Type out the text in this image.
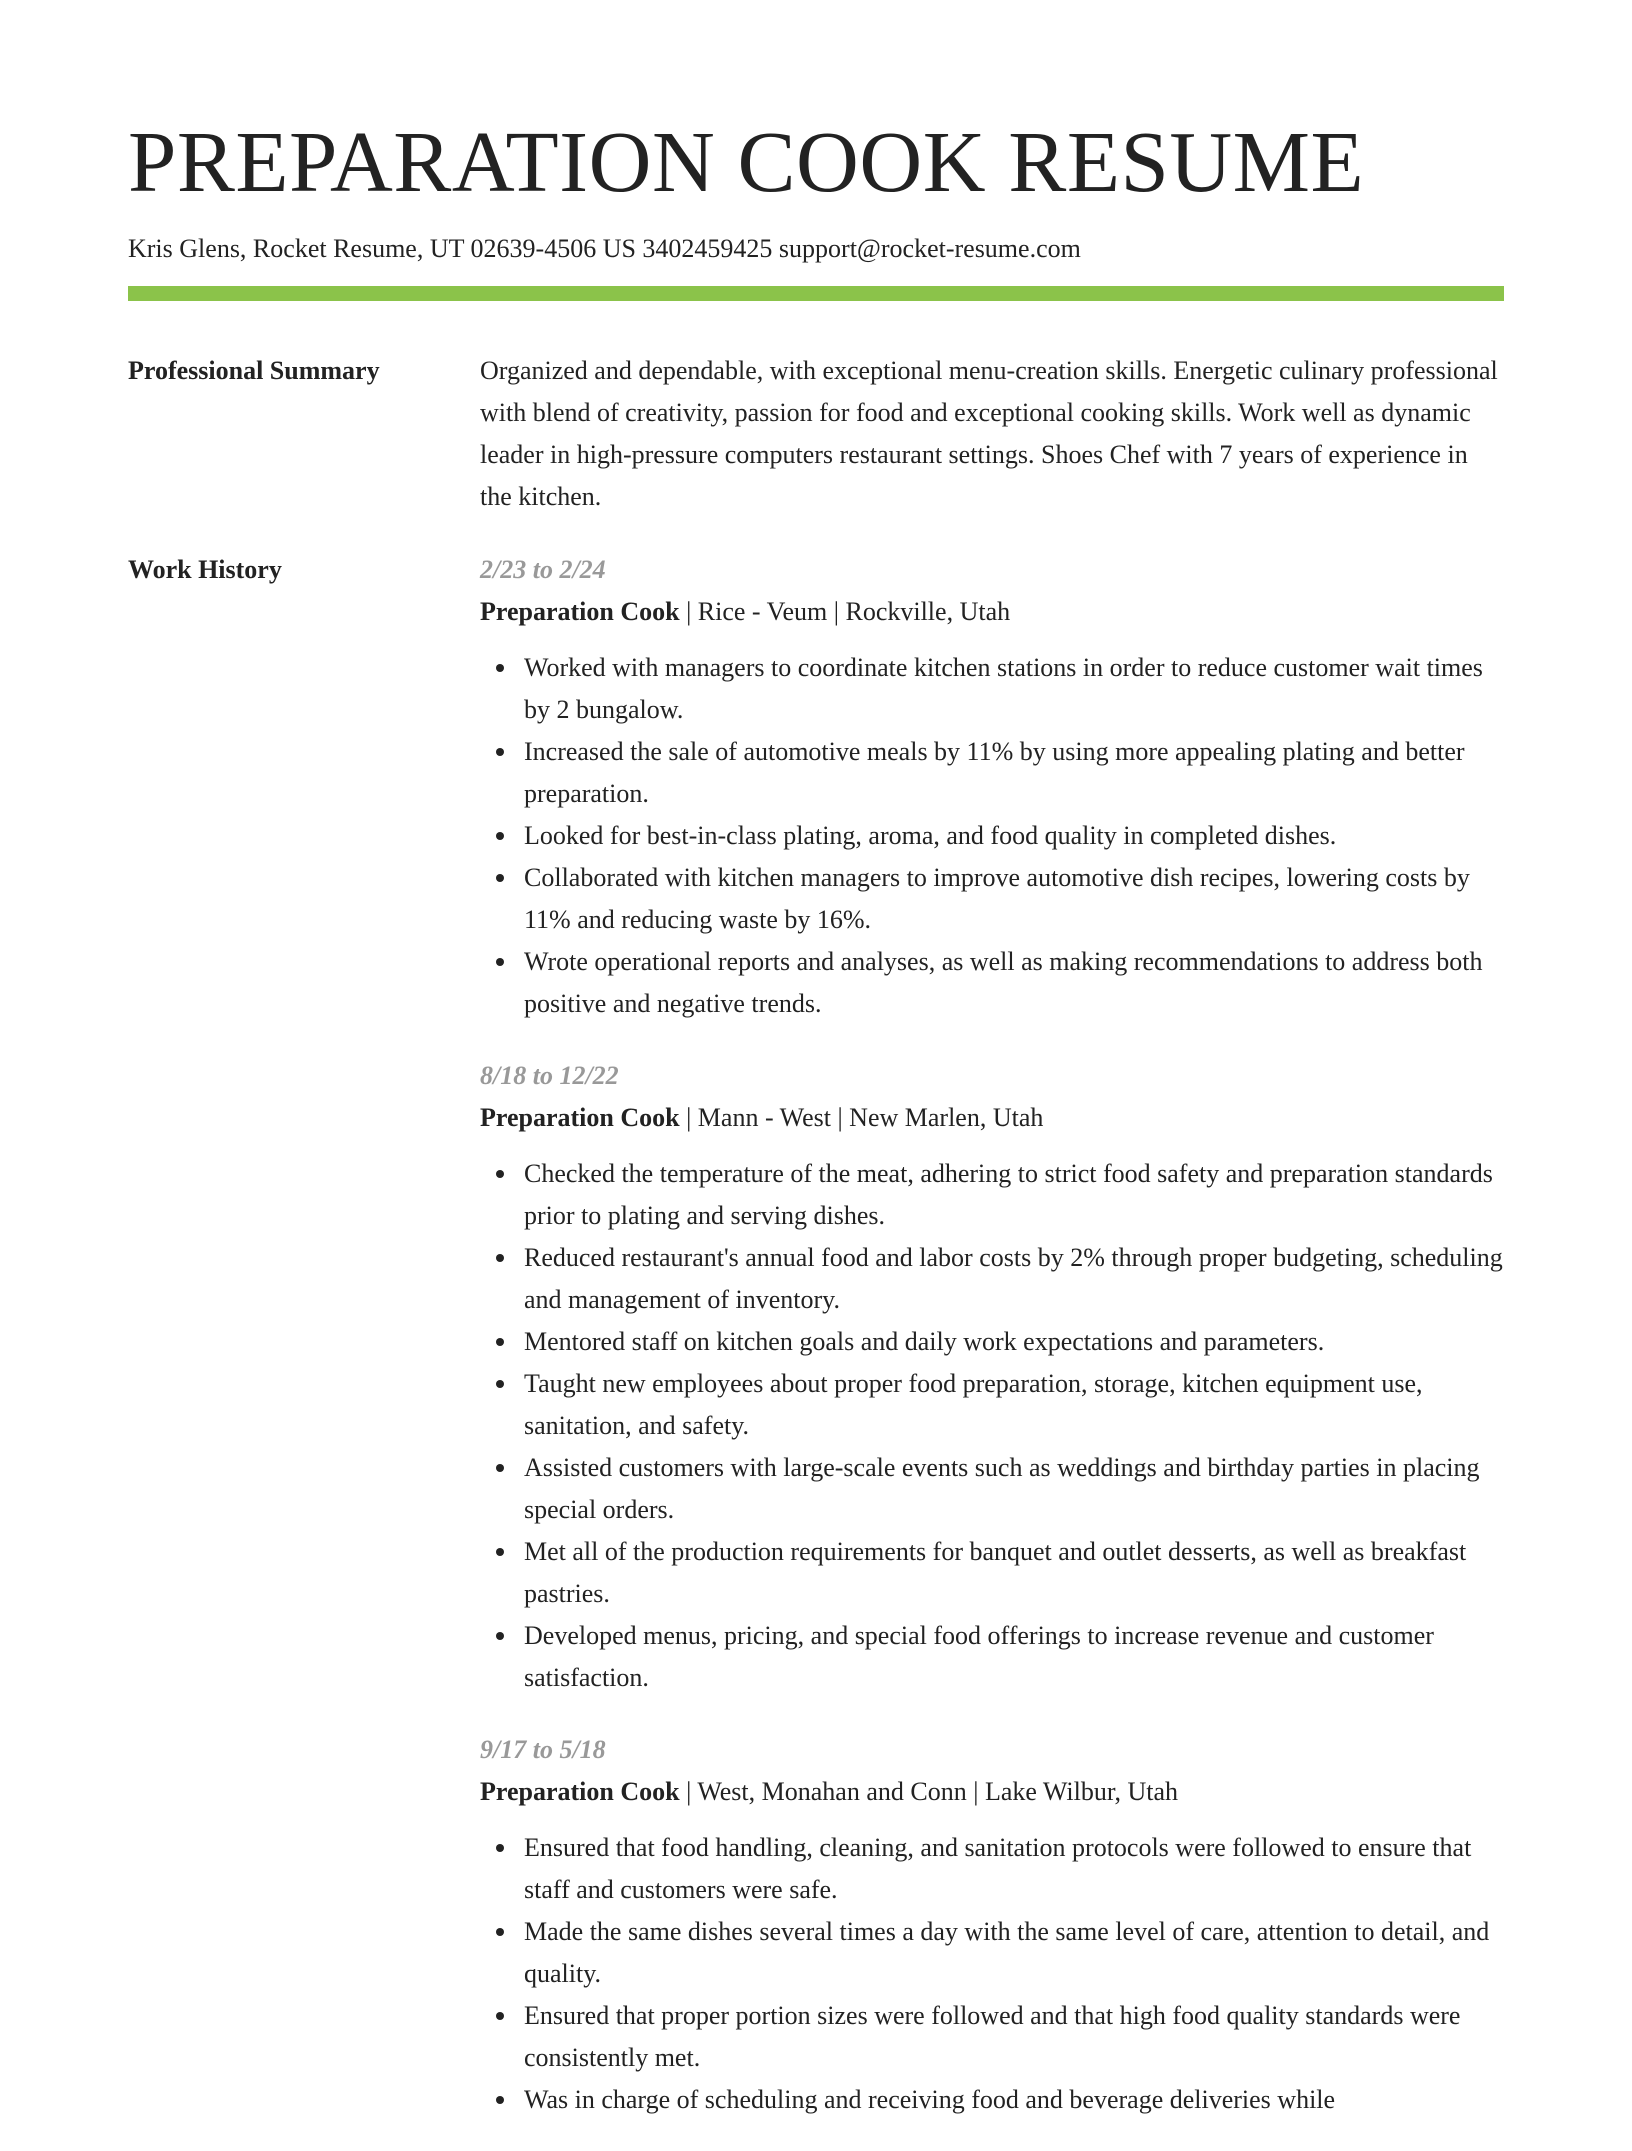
PREPARATION COOK RESUME
Kris Glens, Rocket Resume, UT 02639-4506 US 3402459425 support@rocket-resume.com
Professional Summary	Organized and dependable, with exceptional menu-creation skills. Energetic culinary professional with blend of creativity, passion for food and exceptional cooking skills. Work well as dynamic leader in high-pressure computers restaurant settings. Shoes Chef with 7 years of experience in the kitchen.

Work History	2/23 to 2/24
Preparation Cook | Rice - Veum | Rockville, Utah
Worked with managers to coordinate kitchen stations in order to reduce customer wait times by 2 bungalow.
Increased the sale of automotive meals by 11% by using more appealing plating and better preparation.
Looked for best-in-class plating, aroma, and food quality in completed dishes.
Collaborated with kitchen managers to improve automotive dish recipes, lowering costs by 11% and reducing waste by 16%.
Wrote operational reports and analyses, as well as making recommendations to address both positive and negative trends.
8/18 to 12/22
Preparation Cook | Mann - West | New Marlen, Utah
Checked the temperature of the meat, adhering to strict food safety and preparation standards prior to plating and serving dishes.
Reduced restaurant's annual food and labor costs by 2% through proper budgeting, scheduling and management of inventory.
Mentored staff on kitchen goals and daily work expectations and parameters.
Taught new employees about proper food preparation, storage, kitchen equipment use, sanitation, and safety.
Assisted customers with large-scale events such as weddings and birthday parties in placing special orders.
Met all of the production requirements for banquet and outlet desserts, as well as breakfast pastries.
Developed menus, pricing, and special food offerings to increase revenue and customer satisfaction.
9/17 to 5/18
Preparation Cook | West, Monahan and Conn | Lake Wilbur, Utah
Ensured that food handling, cleaning, and sanitation protocols were followed to ensure that staff and customers were safe.
Made the same dishes several times a day with the same level of care, attention to detail, and quality.
Ensured that proper portion sizes were followed and that high food quality standards were consistently met.
Was in charge of scheduling and receiving food and beverage deliveries while
